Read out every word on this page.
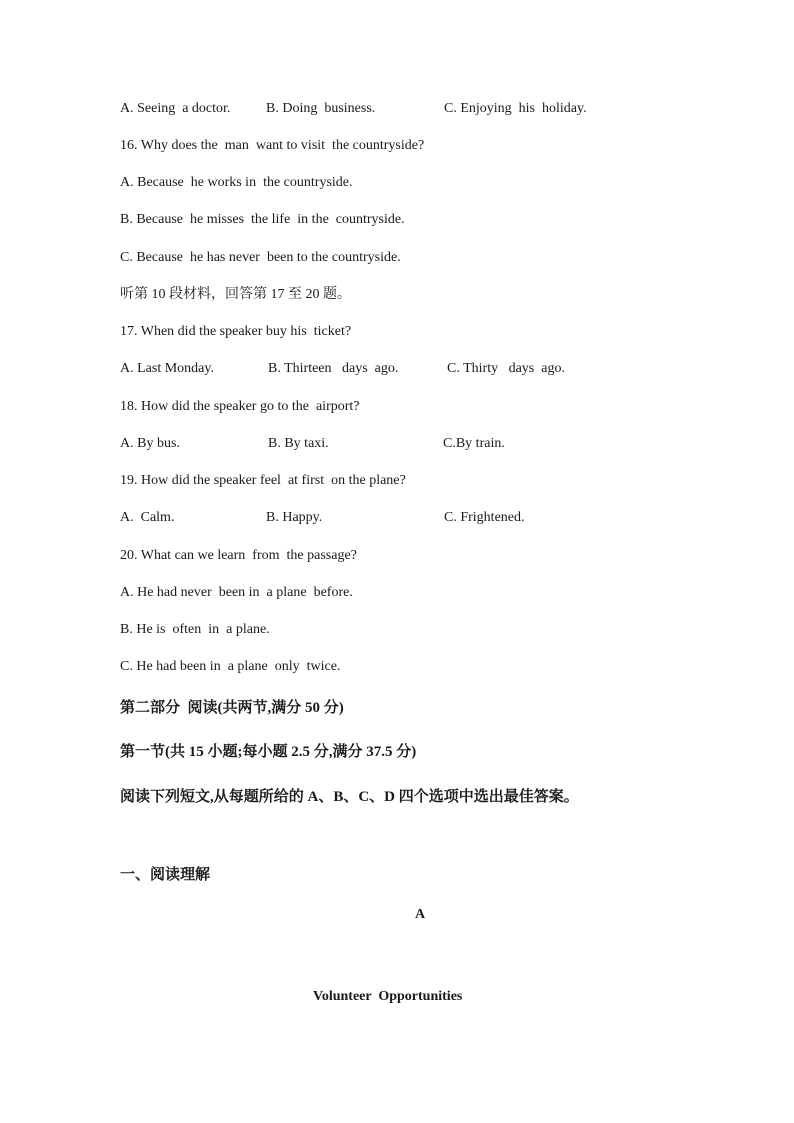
A. Seeing  a doctor.	B. Doing  business.	C. Enjoying  his  holiday.
16. Why does the  man  want to visit  the countryside?
A. Because  he works in  the countryside.
B. Because  he misses  the life  in the  countryside.
C. Because  he has never  been to the countryside.
听第 10 段材料，回答第 17 至 20 题。
17. When did the speaker buy his  ticket?
A. Last Monday.	B. Thirteen   days  ago.	C. Thirty   days  ago.
18. How did the speaker go to the  airport?
A. By bus.	B. By taxi.	C.By train.
19. How did the speaker feel  at first  on the plane?
A.  Calm.	B. Happy.	C. Frightened.
20. What can we learn  from  the passage?
A. He had never  been in  a plane  before.
B. He is  often  in  a plane.
C. He had been in  a plane  only  twice.
第二部分  阅读(共两节,满分 50 分)
第一节(共 15 小题;每小题 2.5 分,满分 37.5 分)
阅读下列短文,从每题所给的 A、B、C、D 四个选项中选出最佳答案。
一、阅读理解
A
Volunteer  Opportunities
